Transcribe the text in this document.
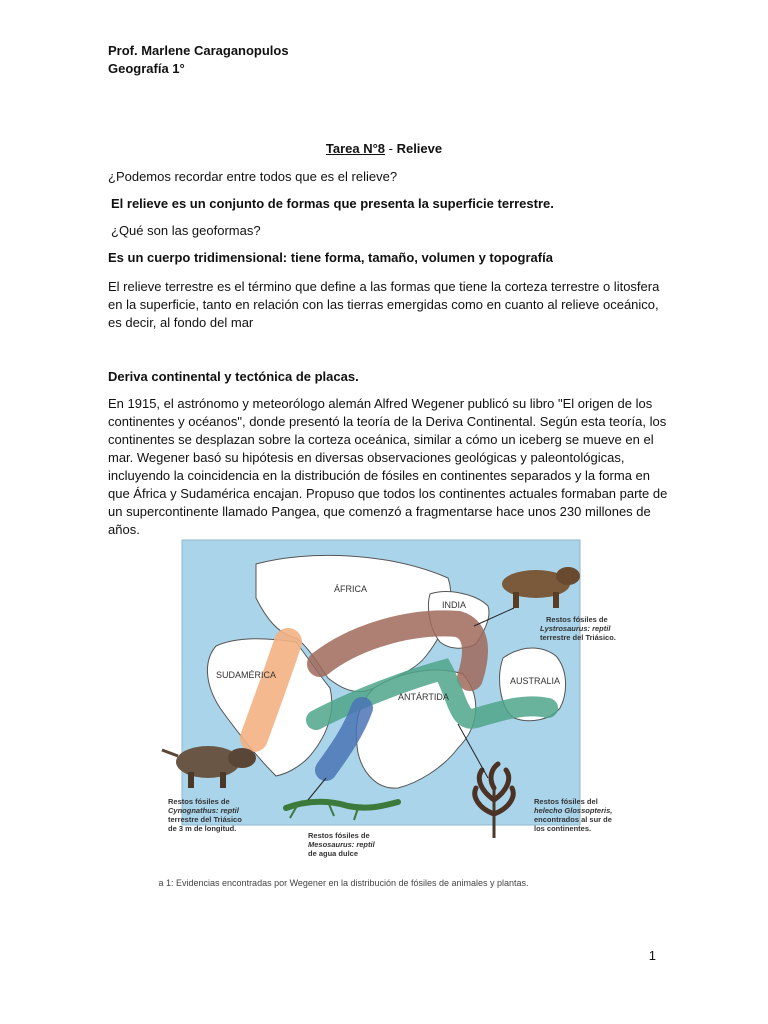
Prof. Marlene Caraganopulos
Geografía 1°
Tarea N°8 - Relieve
¿Podemos recordar entre todos que es el relieve?
El relieve es un conjunto de formas que presenta la superficie terrestre.
¿Qué son las geoformas?
Es un cuerpo tridimensional: tiene forma, tamaño, volumen y topografía
El relieve terrestre es el término que define a las formas que tiene la corteza terrestre o litosfera en la superficie, tanto en relación con las tierras emergidas como en cuanto al relieve oceánico, es decir, al fondo del mar
Deriva continental y tectónica de placas.
En 1915, el astrónomo y meteorólogo alemán Alfred Wegener publicó su libro "El origen de los continentes y océanos", donde presentó la teoría de la Deriva Continental. Según esta teoría, los continentes se desplazan sobre la corteza oceánica, similar a cómo un iceberg se mueve en el mar. Wegener basó su hipótesis en diversas observaciones geológicas y paleontológicas, incluyendo la coincidencia en la distribución de fósiles en continentes separados y la forma en que África y Sudamérica encajan. Propuso que todos los continentes actuales formaban parte de un supercontinente llamado Pangea, que comenzó a fragmentarse hace unos 230 millones de años.
ÁFRICA
INDIA
SUDAMÉRICA
ANTÁRTIDA
AUSTRALIA
Restos fósiles de
Lystrosaurus: reptil
terrestre del Triásico.
Restos fósiles de
Cynognathus: reptil
terrestre del Triásico
de 3 m de longitud.
Restos fósiles de
Mesosaurus: reptil
de agua dulce
Restos fósiles del
helecho Glossopteris,
encontrados al sur de
los continentes.
Figura 1: Evidencias encontradas por Wegener en la distribución de fósiles de animales y plantas.
1
